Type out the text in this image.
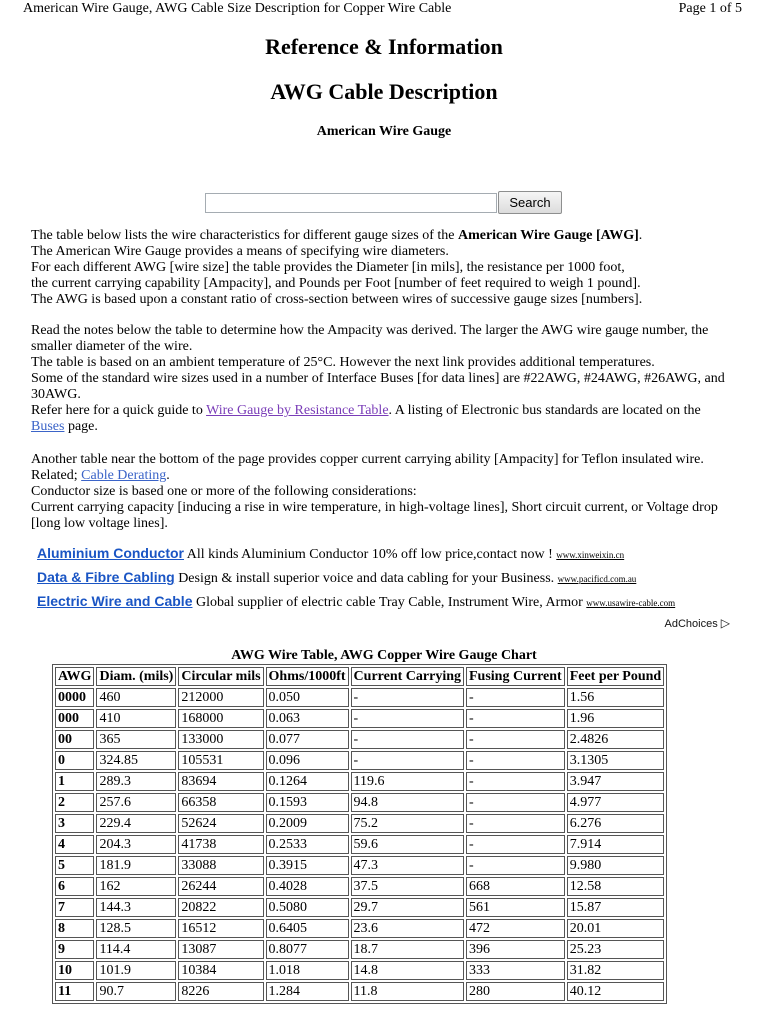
American Wire Gauge, AWG Cable Size Description for Copper Wire Cable	Page 1 of 5
Reference & Information
AWG Cable Description
American Wire Gauge
Search

The table below lists the wire characteristics for different gauge sizes of the American Wire Gauge [AWG].

The American Wire Gauge provides a means of specifying wire diameters.

For each different AWG [wire size] the table provides the Diameter [in mils], the resistance per 1000 foot,

the current carrying capability [Ampacity], and Pounds per Foot [number of feet required to weigh 1 pound].

The AWG is based upon a constant ratio of cross-section between wires of successive gauge sizes [numbers].

Read the notes below the table to determine how the Ampacity was derived. The larger the AWG wire gauge number, the smaller diameter of the wire.

The table is based on an ambient temperature of 25°C. However the next link provides additional temperatures.

Some of the standard wire sizes used in a number of Interface Buses [for data lines] are #22AWG, #24AWG, #26AWG, and 30AWG.

Refer here for a quick guide to Wire Gauge by Resistance Table. A listing of Electronic bus standards are located on the Buses page.

Another table near the bottom of the page provides copper current carrying ability [Ampacity] for Teflon insulated wire.

Related; Cable Derating.

Conductor size is based one or more of the following considerations:

Current carrying capacity [inducing a rise in wire temperature, in high-voltage lines], Short circuit current, or Voltage drop [long low voltage lines].

Aluminium Conductor All kinds Aluminium Conductor 10% off low price,contact now ! www.xinweixin.cn
Data & Fibre Cabling Design & install superior voice and data cabling for your Business. www.pacificd.com.au
Electric Wire and Cable Global supplier of electric cable Tray Cable, Instrument Wire, Armor www.usawire-cable.com
AdChoices ▷
AWG Wire Table, AWG Copper Wire Gauge Chart
AWG	Diam. (mils)	Circular mils	Ohms/1000ft	Current Carrying	Fusing Current	Feet per Pound
0000	460	212000	0.050	-	-	1.56
000	410	168000	0.063	-	-	1.96
00	365	133000	0.077	-	-	2.4826
0	324.85	105531	0.096	-	-	3.1305
1	289.3	83694	0.1264	119.6	-	3.947
2	257.6	66358	0.1593	94.8	-	4.977
3	229.4	52624	0.2009	75.2	-	6.276
4	204.3	41738	0.2533	59.6	-	7.914
5	181.9	33088	0.3915	47.3	-	9.980
6	162	26244	0.4028	37.5	668	12.58
7	144.3	20822	0.5080	29.7	561	15.87
8	128.5	16512	0.6405	23.6	472	20.01
9	114.4	13087	0.8077	18.7	396	25.23
10	101.9	10384	1.018	14.8	333	31.82
11	90.7	8226	1.284	11.8	280	40.12
